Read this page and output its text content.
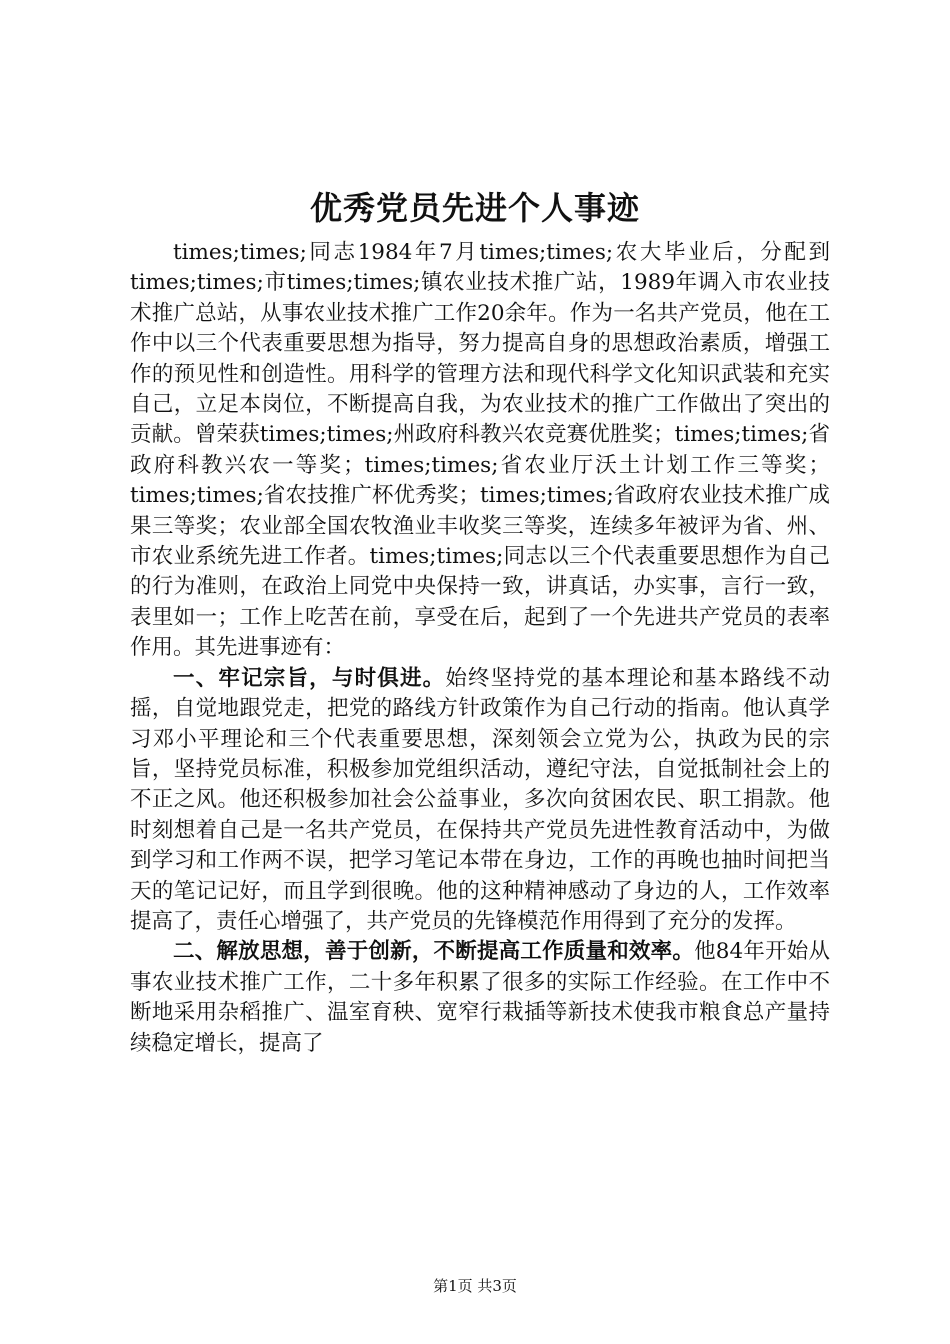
优秀党员先进个人事迹

times;times;同志1984年7月times;times;农大毕业后，分配到times;times;市times;times;镇农业技术推广站，1989年调入市农业技术推广总站，从事农业技术推广工作20余年。作为一名共产党员，他在工作中以三个代表重要思想为指导，努力提高自身的思想政治素质，增强工作的预见性和创造性。用科学的管理方法和现代科学文化知识武装和充实自己，立足本岗位，不断提高自我，为农业技术的推广工作做出了突出的贡献。曾荣获times;times;州政府科教兴农竞赛优胜奖；times;times;省政府科教兴农一等奖；times;times;省农业厅沃土计划工作三等奖；times;times;省农技推广杯优秀奖；times;times;省政府农业技术推广成果三等奖；农业部全国农牧渔业丰收奖三等奖，连续多年被评为省、州、市农业系统先进工作者。times;times;同志以三个代表重要思想作为自己的行为准则，在政治上同党中央保持一致，讲真话，办实事，言行一致，表里如一；工作上吃苦在前，享受在后，起到了一个先进共产党员的表率作用。其先进事迹有：

一、牢记宗旨，与时俱进。始终坚持党的基本理论和基本路线不动摇，自觉地跟党走，把党的路线方针政策作为自己行动的指南。他认真学习邓小平理论和三个代表重要思想，深刻领会立党为公，执政为民的宗旨，坚持党员标准，积极参加党组织活动，遵纪守法，自觉抵制社会上的不正之风。他还积极参加社会公益事业，多次向贫困农民、职工捐款。他时刻想着自己是一名共产党员，在保持共产党员先进性教育活动中，为做到学习和工作两不误，把学习笔记本带在身边，工作的再晚也抽时间把当天的笔记记好，而且学到很晚。他的这种精神感动了身边的人，工作效率提高了，责任心增强了，共产党员的先锋模范作用得到了充分的发挥。

二、解放思想，善于创新，不断提高工作质量和效率。他84年开始从事农业技术推广工作，二十多年积累了很多的实际工作经验。在工作中不断地采用杂稻推广、温室育秧、宽窄行栽插等新技术使我市粮食总产量持续稳定增长，提高了

第1页 共3页
